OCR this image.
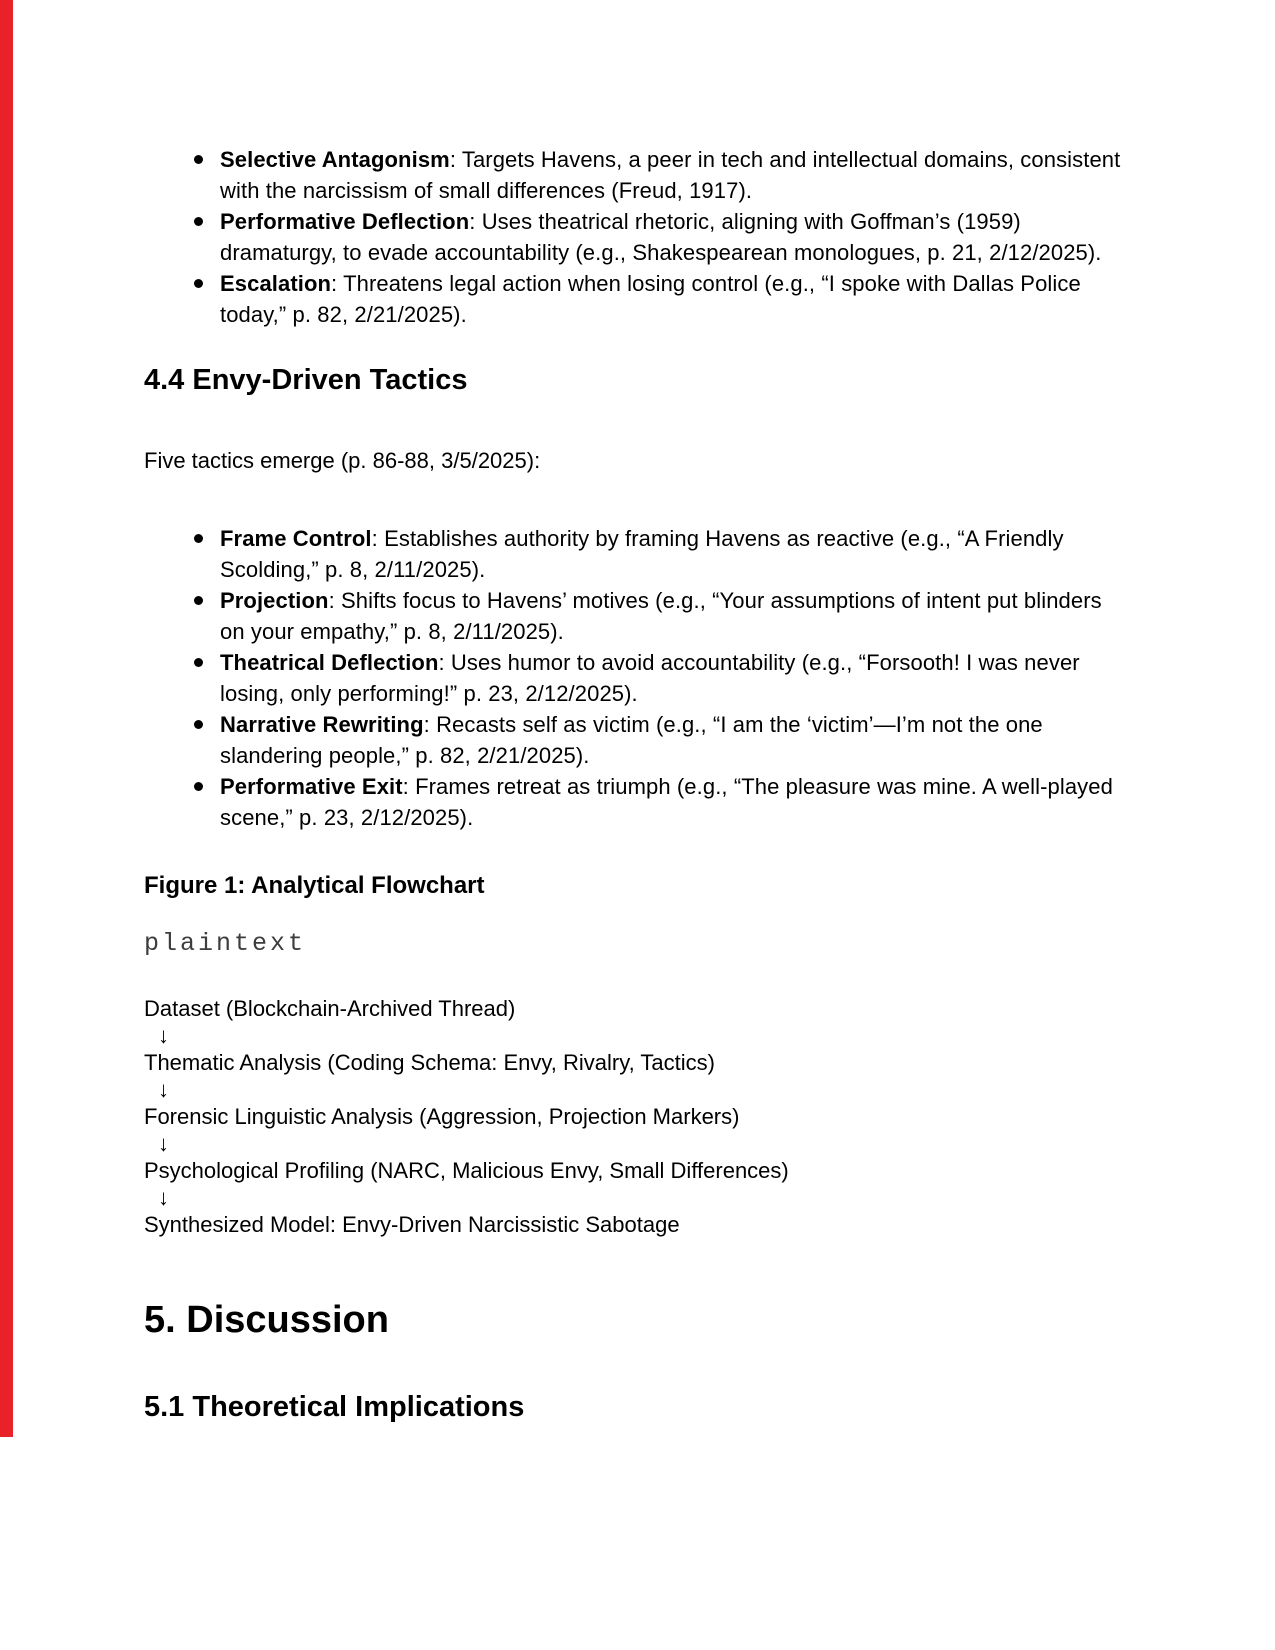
Selective Antagonism: Targets Havens, a peer in tech and intellectual domains, consistent with the narcissism of small differences (Freud, 1917).
Performative Deflection: Uses theatrical rhetoric, aligning with Goffman’s (1959) dramaturgy, to evade accountability (e.g., Shakespearean monologues, p. 21, 2/12/2025).
Escalation: Threatens legal action when losing control (e.g., “I spoke with Dallas Police today,” p. 82, 2/21/2025).
4.4 Envy-Driven Tactics
Five tactics emerge (p. 86-88, 3/5/2025):
Frame Control: Establishes authority by framing Havens as reactive (e.g., “A Friendly Scolding,” p. 8, 2/11/2025).
Projection: Shifts focus to Havens’ motives (e.g., “Your assumptions of intent put blinders on your empathy,” p. 8, 2/11/2025).
Theatrical Deflection: Uses humor to avoid accountability (e.g., “Forsooth! I was never losing, only performing!” p. 23, 2/12/2025).
Narrative Rewriting: Recasts self as victim (e.g., “I am the ‘victim’—I’m not the one slandering people,” p. 82, 2/21/2025).
Performative Exit: Frames retreat as triumph (e.g., “The pleasure was mine. A well-played scene,” p. 23, 2/12/2025).
Figure 1: Analytical Flowchart
plaintext
Dataset (Blockchain-Archived Thread)
↓
Thematic Analysis (Coding Schema: Envy, Rivalry, Tactics)
↓
Forensic Linguistic Analysis (Aggression, Projection Markers)
↓
Psychological Profiling (NARC, Malicious Envy, Small Differences)
↓
Synthesized Model: Envy-Driven Narcissistic Sabotage
5. Discussion
5.1 Theoretical Implications
